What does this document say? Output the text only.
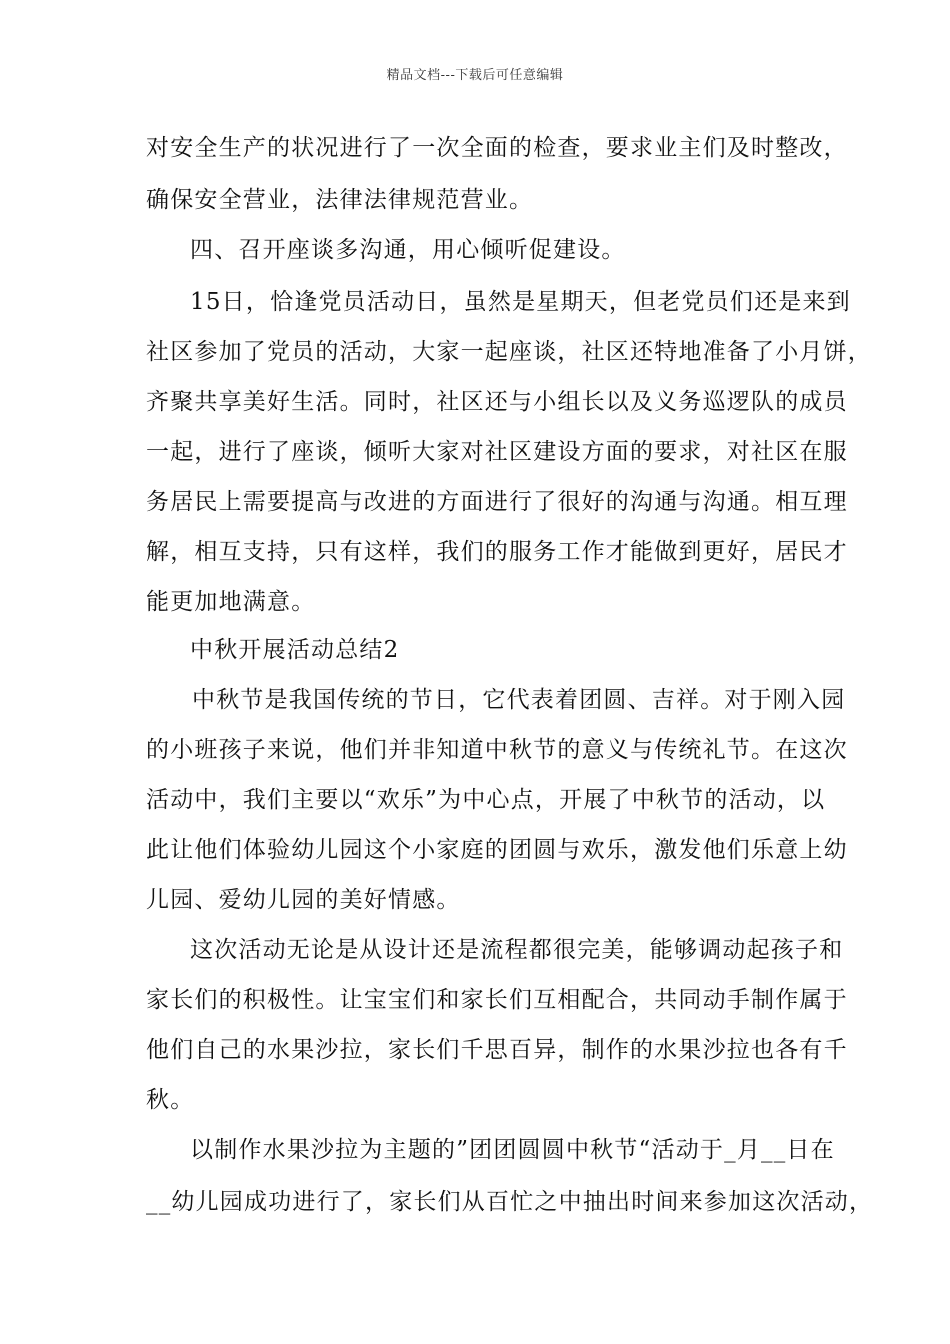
精品文档---下载后可任意编辑
对安全生产的状况进行了一次全面的检查，要求业主们及时整改，
确保安全营业，法律法律规范营业。
四、召开座谈多沟通，用心倾听促建设。
15日，恰逢党员活动日，虽然是星期天，但老党员们还是来到
社区参加了党员的活动，大家一起座谈，社区还特地准备了小月饼，
齐聚共享美好生活。同时，社区还与小组长以及义务巡逻队的成员
一起，进行了座谈，倾听大家对社区建设方面的要求，对社区在服
务居民上需要提高与改进的方面进行了很好的沟通与沟通。相互理
解，相互支持，只有这样，我们的服务工作才能做到更好，居民才
能更加地满意。
中秋开展活动总结2
中秋节是我国传统的节日，它代表着团圆、吉祥。对于刚入园
的小班孩子来说，他们并非知道中秋节的意义与传统礼节。在这次
活动中，我们主要以“欢乐”为中心点，开展了中秋节的活动，以
此让他们体验幼儿园这个小家庭的团圆与欢乐，激发他们乐意上幼
儿园、爱幼儿园的美好情感。
这次活动无论是从设计还是流程都很完美，能够调动起孩子和
家长们的积极性。让宝宝们和家长们互相配合，共同动手制作属于
他们自己的水果沙拉，家长们千思百异，制作的水果沙拉也各有千
秋。
以制作水果沙拉为主题的”团团圆圆中秋节“活动于_月__日在
__幼儿园成功进行了，家长们从百忙之中抽出时间来参加这次活动，
